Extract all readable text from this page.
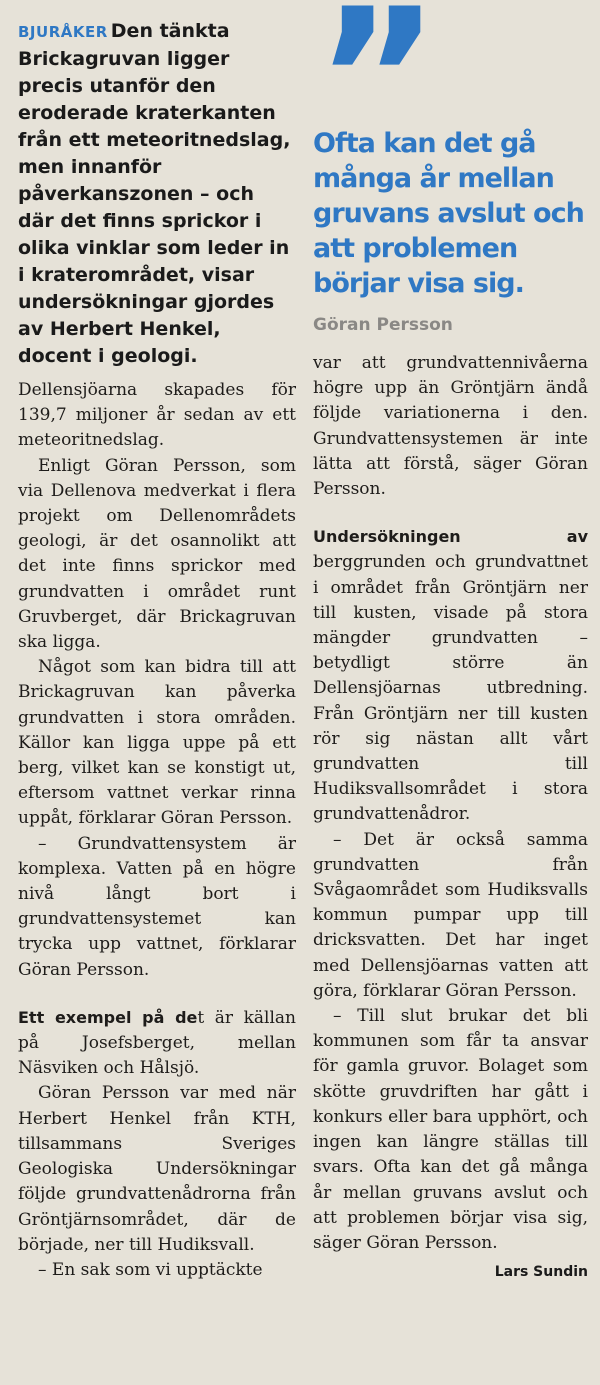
BJURÅKER Den tänkta Brickagruvan ligger precis utanför den eroderade kraterkanten från ett meteoritnedslag, men innanför påverkanszonen – och där det finns sprickor i olika vinklar som leder in i kraterområdet, visar undersökningar gjordes av Herbert Henkel, docent i geologi.

Dellensjöarna skapades för 139,7 miljoner år sedan av ett meteoritnedslag.

Enligt Göran Persson, som via Dellenova medverkat i flera projekt om Dellenområdets geologi, är det osannolikt att det inte finns sprickor med grundvatten i området runt Gruvberget, där Brickagruvan ska ligga.

Något som kan bidra till att Brickagruvan kan påverka grundvatten i stora områden. Källor kan ligga uppe på ett berg, vilket kan se konstigt ut, eftersom vattnet verkar rinna uppåt, förklarar Göran Persson.

– Grundvattensystem är komplexa. Vatten på en högre nivå långt bort i grundvattensystemet kan trycka upp vattnet, förklarar Göran Persson.

Ett exempel på det är källan på Josefsberget, mellan Näsviken och Hålsjö.

Göran Persson var med när Herbert Henkel från KTH, tillsammans Sveriges Geologiska Undersökningar följde grundvattenådrorna från Gröntjärnsområdet, där de började, ner till Hudiksvall.

– En sak som vi upptäckte

Ofta kan det gå många år mellan gruvans avslut och att problemen börjar visa sig.
Göran Persson

var att grundvattennivåerna högre upp än Gröntjärn ändå följde variationerna i den. Grundvattensystemen är inte lätta att förstå, säger Göran Persson.

Undersökningen av berggrunden och grundvattnet i området från Gröntjärn ner till kusten, visade på stora mängder grundvatten – betydligt större än Dellensjöarnas utbredning. Från Gröntjärn ner till kusten rör sig nästan allt vårt grundvatten till Hudiksvallsområdet i stora grundvattenådror.

– Det är också samma grundvatten från Svågaområdet som Hudiksvalls kommun pumpar upp till dricksvatten. Det har inget med Dellensjöarnas vatten att göra, förklarar Göran Persson.

– Till slut brukar det bli kommunen som får ta ansvar för gamla gruvor. Bolaget som skötte gruvdriften har gått i konkurs eller bara upphört, och ingen kan längre ställas till svars. Ofta kan det gå många år mellan gruvans avslut och att problemen börjar visa sig, säger Göran Persson.

Lars Sundin
